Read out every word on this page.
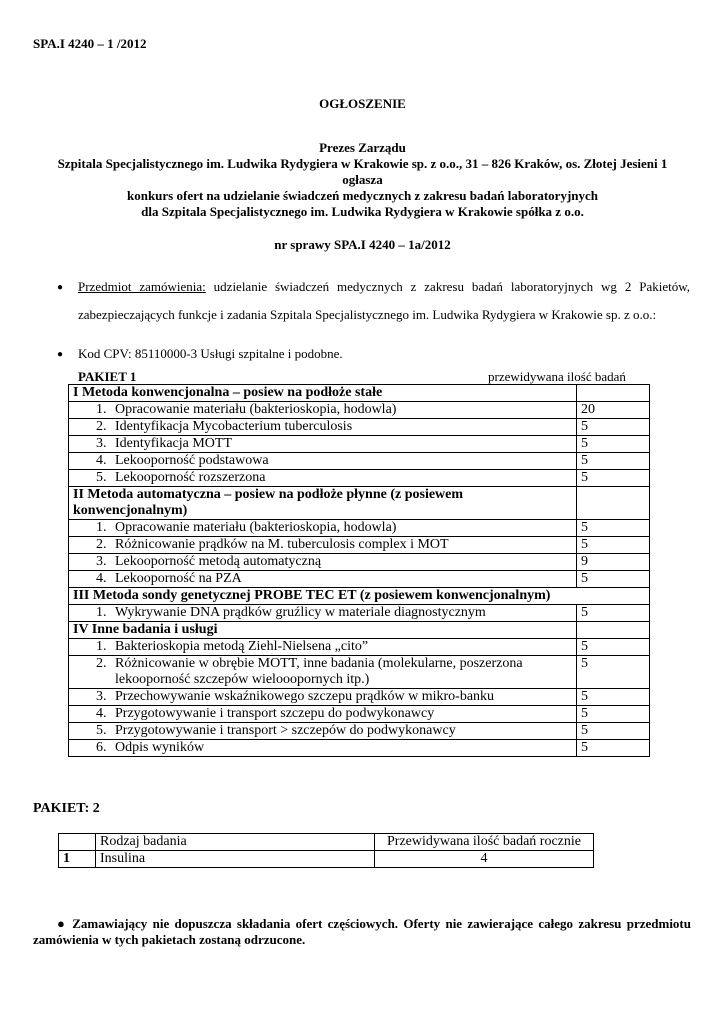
SPA.I 4240 – 1 /2012
OGŁOSZENIE
Prezes Zarządu
Szpitala Specjalistycznego im. Ludwika Rydygiera w Krakowie sp. z o.o., 31 – 826 Kraków, os. Złotej Jesieni 1
ogłasza
konkurs ofert na udzielanie świadczeń medycznych z zakresu badań laboratoryjnych
dla Szpitala Specjalistycznego im. Ludwika Rydygiera w Krakowie spółka z o.o.
nr sprawy SPA.I 4240 – 1a/2012
● Przedmiot zamówienia: udzielanie świadczeń medycznych z zakresu badań laboratoryjnych wg 2 Pakietów, zabezpieczających funkcje i zadania Szpitala Specjalistycznego im. Ludwika Rydygiera w Krakowie sp. z o.o.:
● Kod CPV: 85110000-3 Usługi szpitalne i podobne.
PAKIET 1	przewidywana ilość badań
I Metoda konwencjonalna – posiew na podłoże stałe	
1. Opracowanie materiału (bakterioskopia, hodowla)	20
2. Identyfikacja Mycobacterium tuberculosis	5
3. Identyfikacja MOTT	5
4. Lekooporność podstawowa	5
5. Lekooporność rozszerzona	5
II Metoda automatyczna – posiew na podłoże płynne (z posiewem konwencjonalnym)	
1. Opracowanie materiału (bakterioskopia, hodowla)	5
2. Różnicowanie prądków na M. tuberculosis complex i MOT	5
3. Lekooporność metodą automatyczną	9
4. Lekooporność na PZA	5
III Metoda sondy genetycznej PROBE TEC ET (z posiewem konwencjonalnym)	
1. Wykrywanie DNA prądków gruźlicy w materiale diagnostycznym	5
IV Inne badania i usługi	
1. Bakterioskopia metodą Ziehl-Nielsena „cito”	5
2. Różnicowanie w obrębie MOTT, inne badania (molekularne, poszerzona lekooporność szczepów wielooopornych itp.)	5
3. Przechowywanie wskaźnikowego szczepu prądków w mikro-banku	5
4. Przygotowywanie i transport szczepu do podwykonawcy	5
5. Przygotowywanie i transport > szczepów do podwykonawcy	5
6. Odpis wyników	5
PAKIET: 2
	Rodzaj badania	Przewidywana ilość badań rocznie
1	Insulina	4
● Zamawiający nie dopuszcza składania ofert częściowych. Oferty nie zawierające całego zakresu przedmiotu zamówienia w tych pakietach zostaną odrzucone.
